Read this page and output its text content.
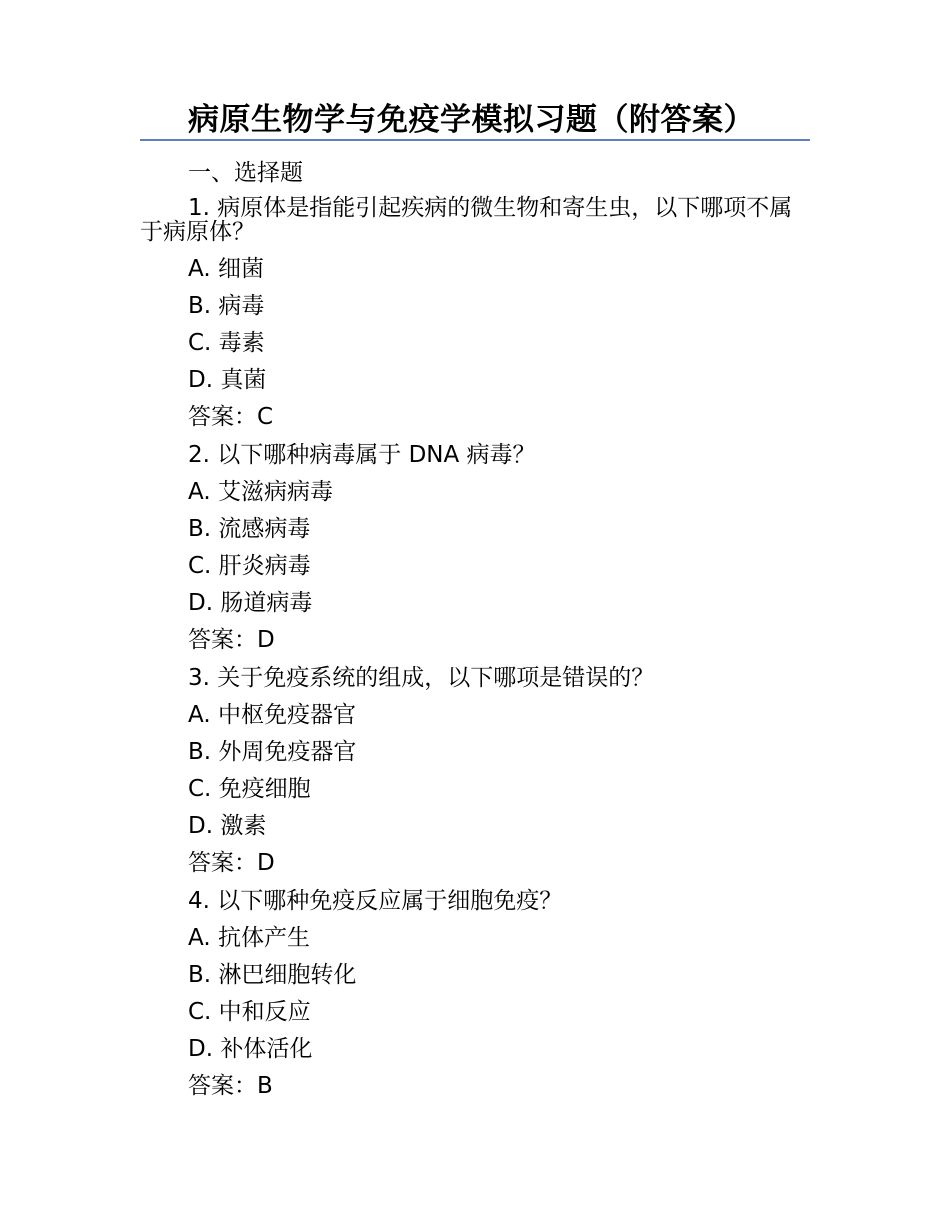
病原生物学与免疫学模拟习题（附答案）
一、选择题
1. 病原体是指能引起疾病的微生物和寄生虫，以下哪项不属于病原体？
A. 细菌
B. 病毒
C. 毒素
D. 真菌
答案：C
2. 以下哪种病毒属于 DNA 病毒？
A. 艾滋病病毒
B. 流感病毒
C. 肝炎病毒
D. 肠道病毒
答案：D
3. 关于免疫系统的组成，以下哪项是错误的？
A. 中枢免疫器官
B. 外周免疫器官
C. 免疫细胞
D. 激素
答案：D
4. 以下哪种免疫反应属于细胞免疫？
A. 抗体产生
B. 淋巴细胞转化
C. 中和反应
D. 补体活化
答案：B
